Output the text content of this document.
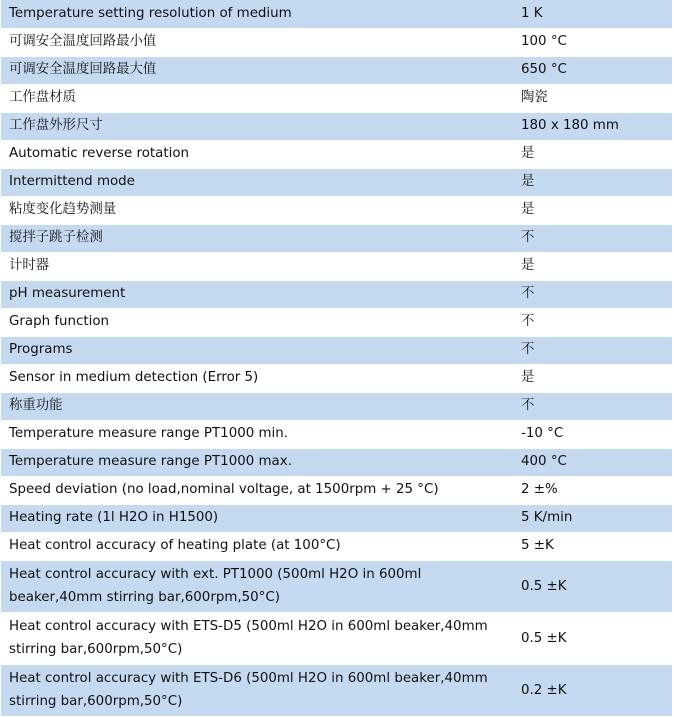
Temperature setting resolution of medium	1 K
可调安全温度回路最小值	100 °C
可调安全温度回路最大值	650 °C
工作盘材质	陶瓷
工作盘外形尺寸	180 x 180 mm
Automatic reverse rotation	是
Intermittend mode	是
粘度变化趋势测量	是
搅拌子跳子检测	不
计时器	是
pH measurement	不
Graph function	不
Programs	不
Sensor in medium detection (Error 5)	是
称重功能	不
Temperature measure range PT1000 min.	-10 °C
Temperature measure range PT1000 max.	400 °C
Speed deviation (no load,nominal voltage, at 1500rpm + 25 °C)	2 ±%
Heating rate (1l H2O in H1500)	5 K/min
Heat control accuracy of heating plate (at 100°C)	5 ±K
Heat control accuracy with ext. PT1000 (500ml H2O in 600ml beaker,40mm stirring bar,600rpm,50°C)	0.5 ±K
Heat control accuracy with ETS-D5 (500ml H2O in 600ml beaker,40mm stirring bar,600rpm,50°C)	0.5 ±K
Heat control accuracy with ETS-D6 (500ml H2O in 600ml beaker,40mm stirring bar,600rpm,50°C)	0.2 ±K
